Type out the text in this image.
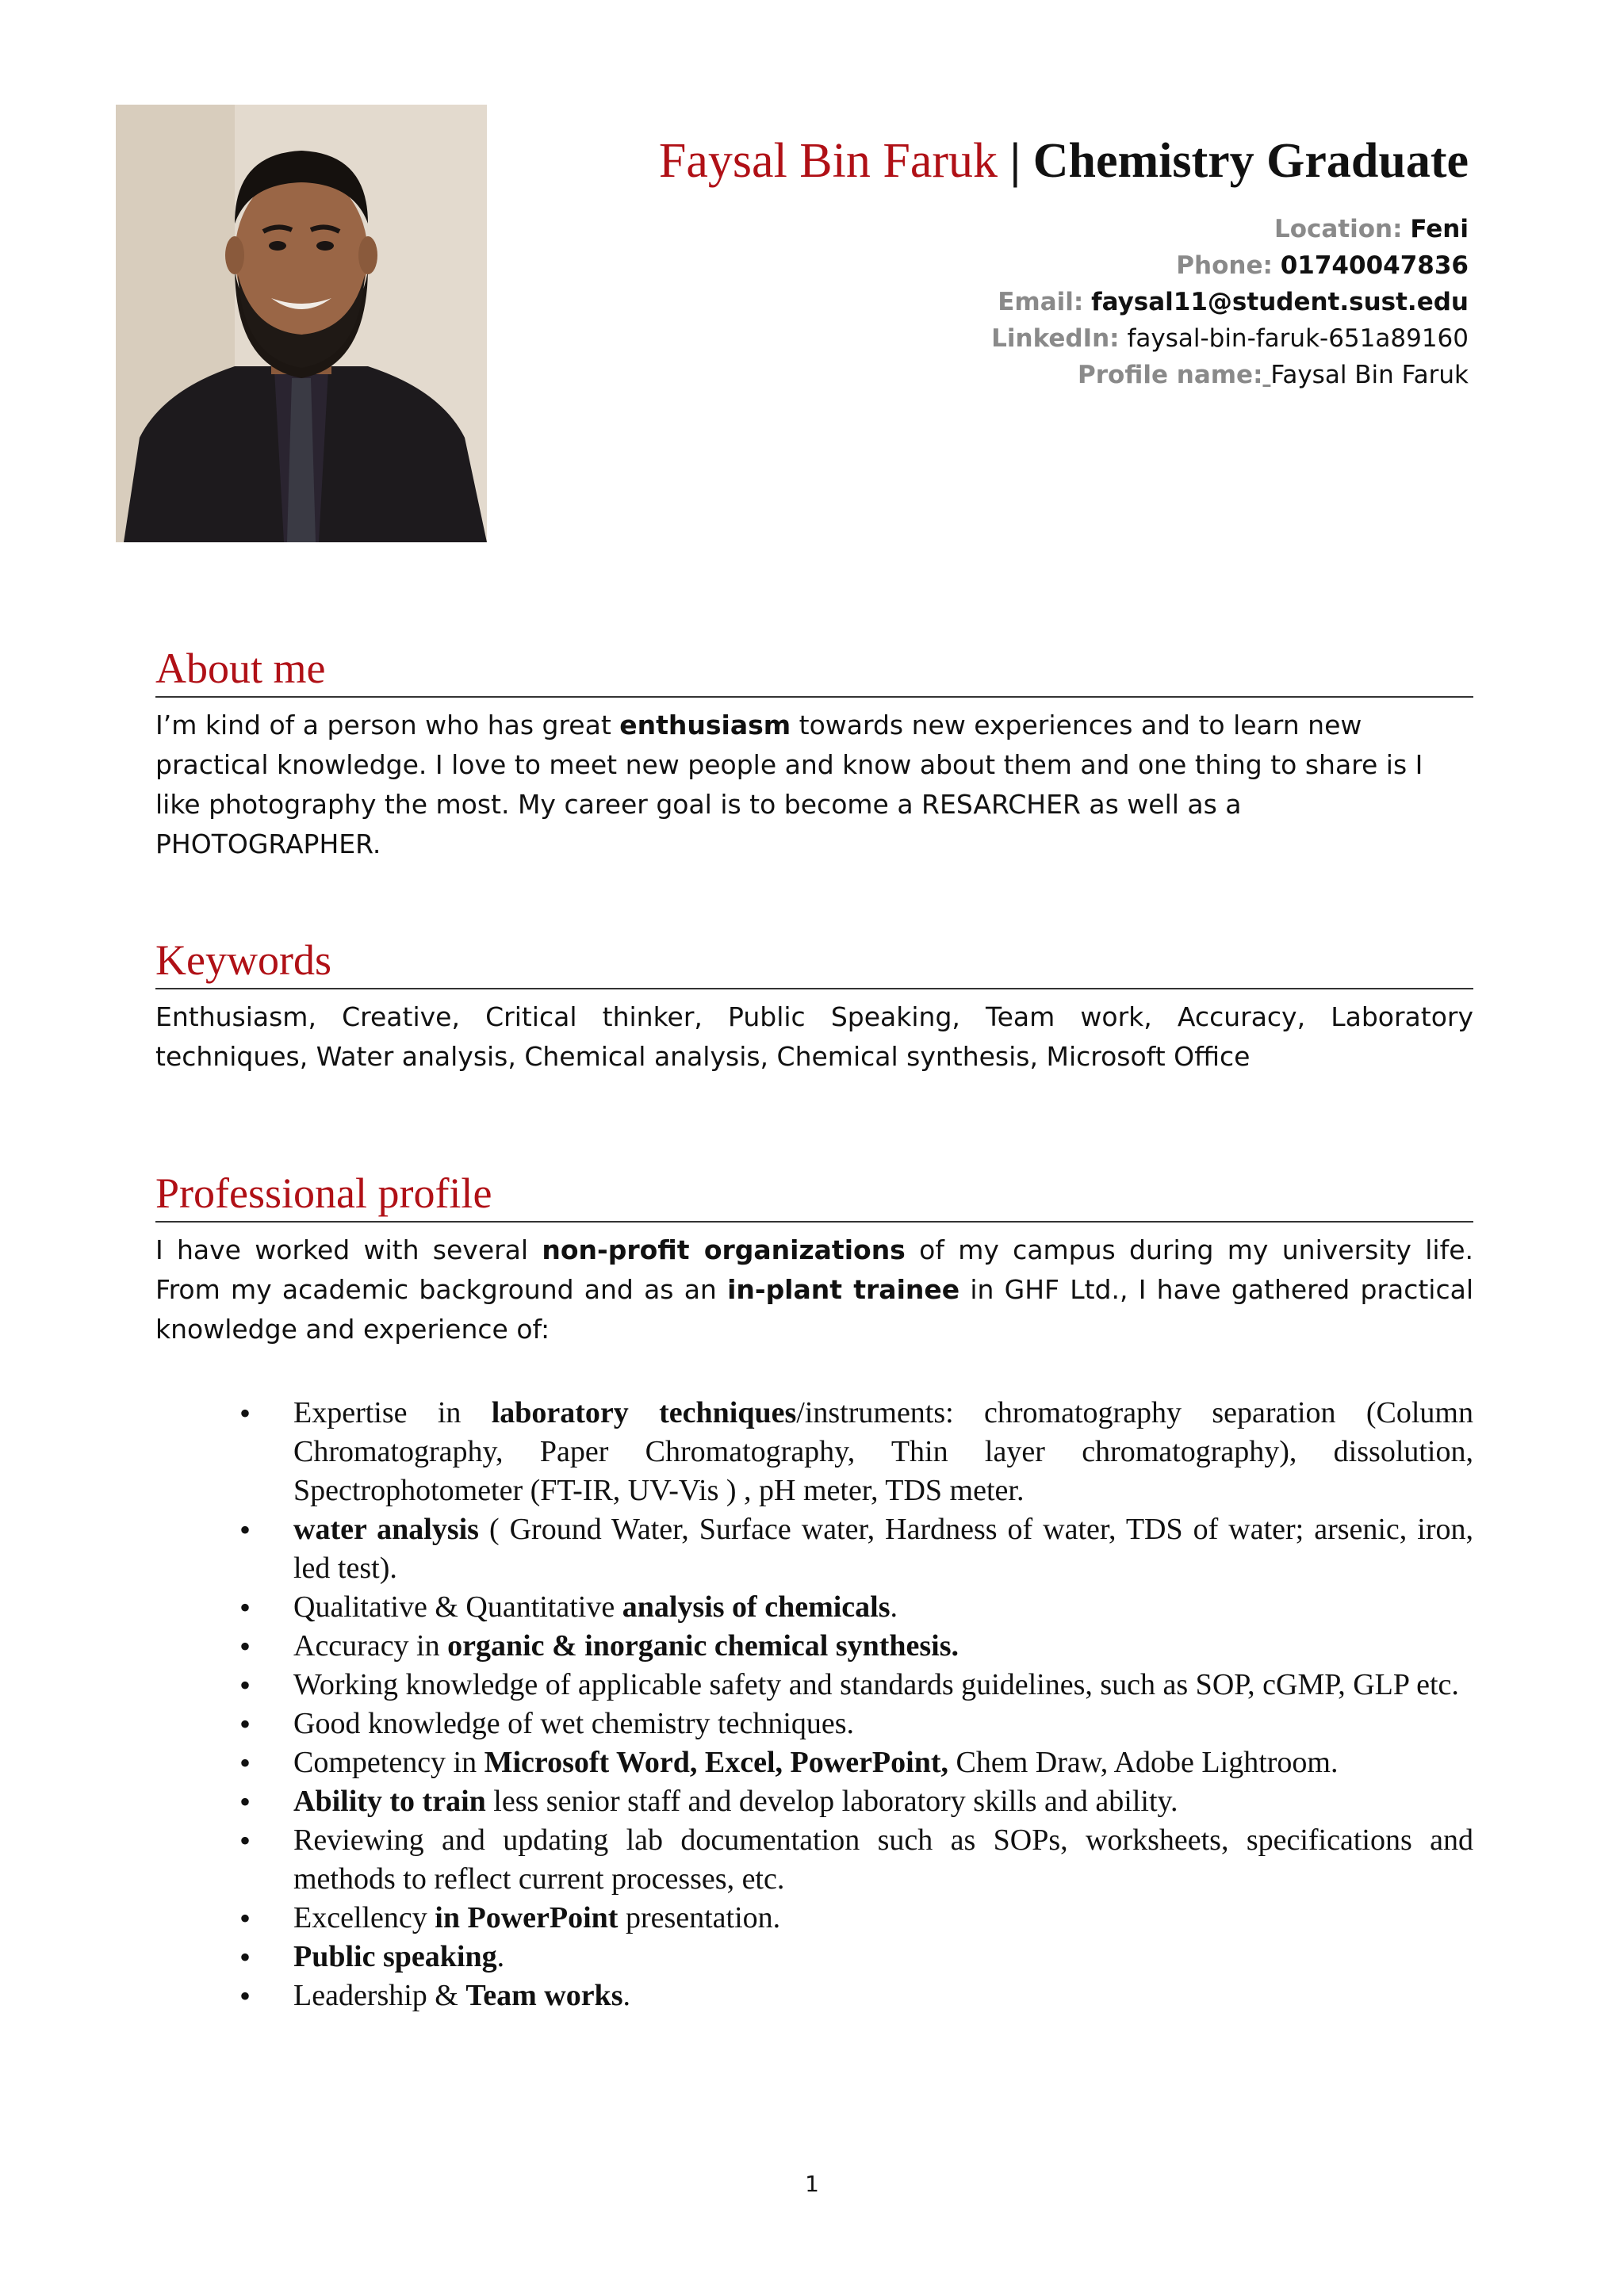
Faysal Bin Faruk | Chemistry Graduate
Location: Feni
Phone: 01740047836
Email: faysal11@student.sust.edu
LinkedIn: faysal-bin-faruk-651a89160
Profile name: Faysal Bin Faruk
About me

I’m kind of a person who has great enthusiasm towards new experiences and to learn new practical knowledge. I love to meet new people and know about them and one thing to share is I like photography the most. My career goal is to become a RESARCHER as well as a PHOTOGRAPHER.

Keywords

Enthusiasm, Creative, Critical thinker, Public Speaking, Team work, Accuracy, Laboratory techniques, Water analysis, Chemical analysis, Chemical synthesis, Microsoft Office

Professional profile

I have worked with several non-profit organizations of my campus during my university life. From my academic background and as an in-plant trainee in GHF Ltd., I have gathered practical knowledge and experience of:

• Expertise in laboratory techniques/instruments: chromatography separation (Column Chromatography, Paper Chromatography, Thin layer chromatography), dissolution, Spectrophotometer (FT-IR, UV-Vis ) , pH meter, TDS meter.
• water analysis ( Ground Water, Surface water, Hardness of water, TDS of water; arsenic, iron, led test).
• Qualitative & Quantitative analysis of chemicals.
• Accuracy in organic & inorganic chemical synthesis.
• Working knowledge of applicable safety and standards guidelines, such as SOP, cGMP, GLP etc.
• Good knowledge of wet chemistry techniques.
• Competency in Microsoft Word, Excel, PowerPoint, Chem Draw, Adobe Lightroom.
• Ability to train less senior staff and develop laboratory skills and ability.
• Reviewing and updating lab documentation such as SOPs, worksheets, specifications and methods to reflect current processes, etc.
• Excellency in PowerPoint presentation.
• Public speaking.
• Leadership & Team works.
1
